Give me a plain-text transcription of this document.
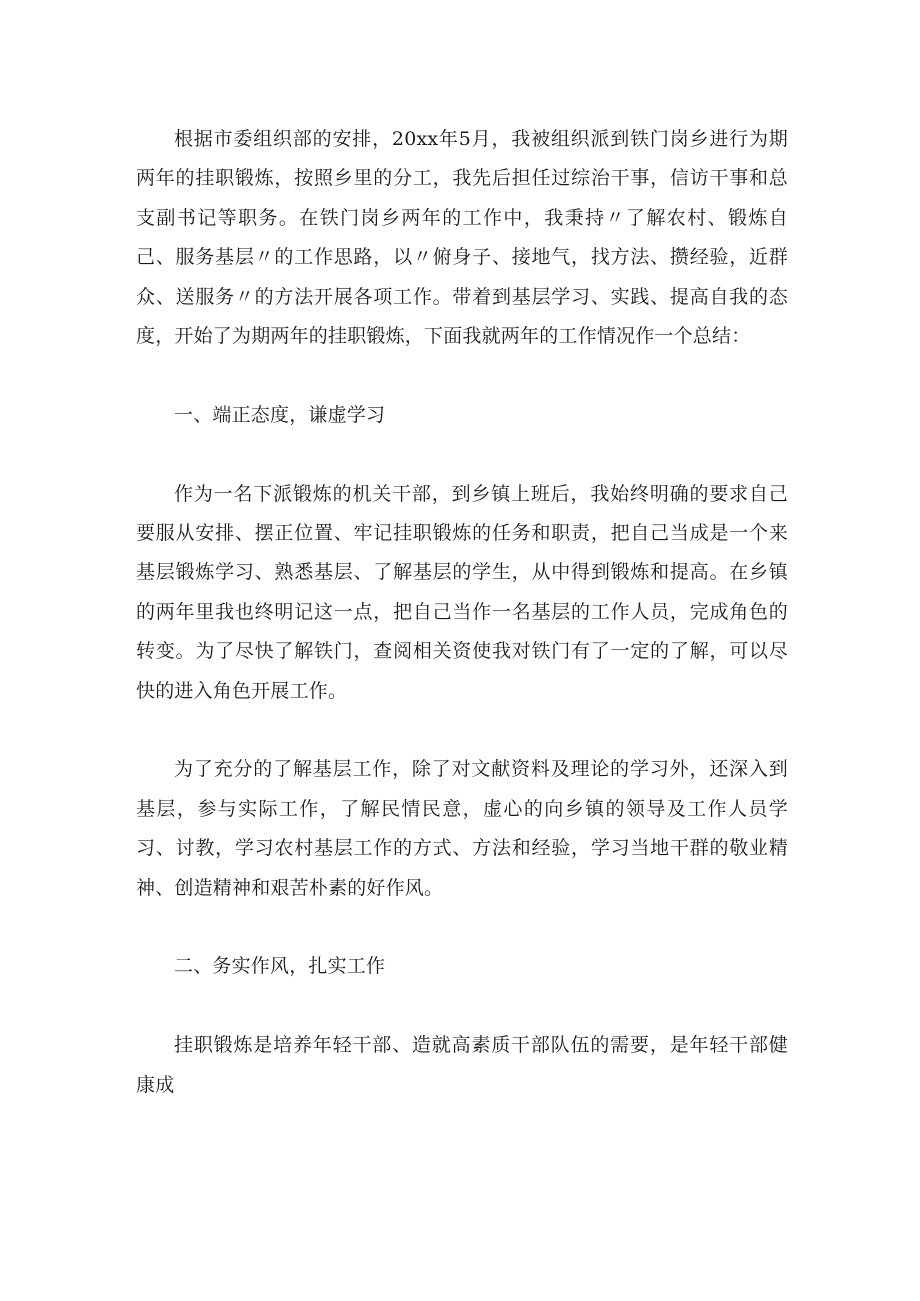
根据市委组织部的安排，20xx年5月，我被组织派到铁门岗乡进行为期两年的挂职锻炼，按照乡里的分工，我先后担任过综治干事，信访干事和总支副书记等职务。在铁门岗乡两年的工作中，我秉持〃了解农村、锻炼自己、服务基层〃的工作思路，以〃俯身子、接地气，找方法、攒经验，近群众、送服务〃的方法开展各项工作。带着到基层学习、实践、提高自我的态度，开始了为期两年的挂职锻炼，下面我就两年的工作情况作一个总结：

一、端正态度，谦虚学习

作为一名下派锻炼的机关干部，到乡镇上班后，我始终明确的要求自己要服从安排、摆正位置、牢记挂职锻炼的任务和职责，把自己当成是一个来基层锻炼学习、熟悉基层、了解基层的学生，从中得到锻炼和提高。在乡镇的两年里我也终明记这一点，把自己当作一名基层的工作人员，完成角色的转变。为了尽快了解铁门，查阅相关资使我对铁门有了一定的了解，可以尽快的进入角色开展工作。

为了充分的了解基层工作，除了对文献资料及理论的学习外，还深入到基层，参与实际工作，了解民情民意，虚心的向乡镇的领导及工作人员学习、讨教，学习农村基层工作的方式、方法和经验，学习当地干群的敬业精神、创造精神和艰苦朴素的好作风。

二、务实作风，扎实工作

挂职锻炼是培养年轻干部、造就高素质干部队伍的需要，是年轻干部健康成
